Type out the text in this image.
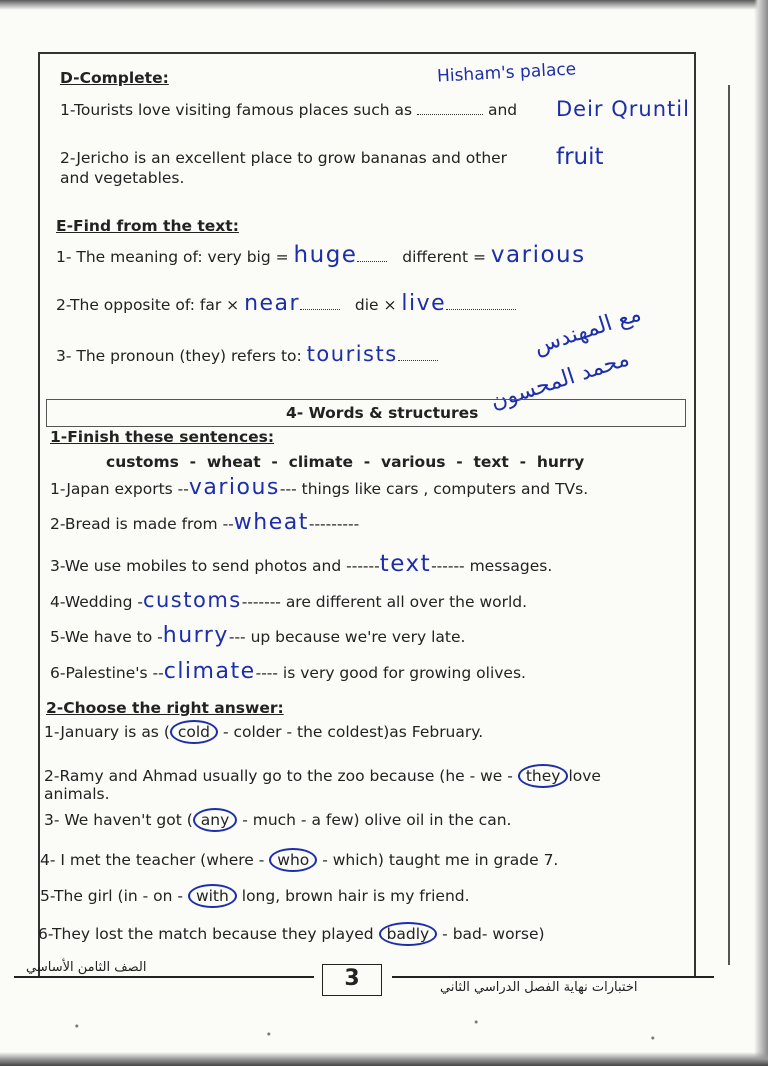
D-Complete:	Hisham's palace
1-Tourists love visiting famous places such as	and Deir Qruntil
2-Jericho is an excellent place to grow bananas and other fruit
and vegetables.
E-Find from the text:
1- The meaning of: very big = huge	different = various
2-The opposite of: far × near	die × live
3- The pronoun (they) refers to: tourists	مع المهندس
محمد المحسون
4- Words & structures
1-Finish these sentences:
customs  -  wheat  -  climate  -  various  -  text  -  hurry
1-Japan exports --various--- things like cars , computers and TVs.
2-Bread is made from --wheat---------
3-We use mobiles to send photos and ------text------ messages.
4-Wedding -customs------- are different all over the world.
5-We have to -hurry--- up because we're very late.
6-Palestine's --climate---- is very good for growing olives.
2-Choose the right answer:
1-January is as ( cold - colder - the coldest)as February.
2-Ramy and Ahmad usually go to the zoo because (he - we - they love
animals.
3- We haven't got ( any - much - a few) olive oil in the can.
4- I met the teacher (where - who - which) taught me in grade 7.
5-The girl (in - on - with long, brown hair is my friend.
6-They lost the match because they played badly - bad- worse)
3
الصف الثامن الأساسي
اختبارات نهاية الفصل الدراسي الثاني
